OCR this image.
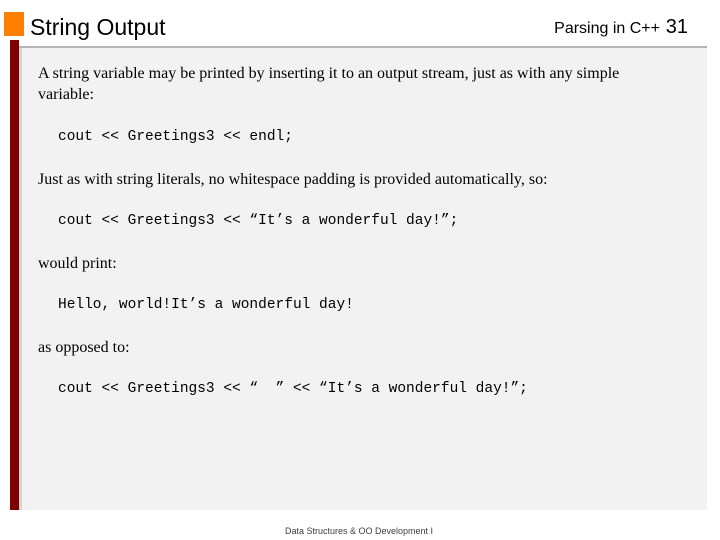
String Output	Parsing in C++ 31
A string variable may be printed by inserting it to an output stream, just as with any simple variable:
cout << Greetings3 << endl;
Just as with string literals, no whitespace padding is provided automatically, so:
cout << Greetings3 << “It’s a wonderful day!”;
would print:
Hello, world!It’s a wonderful day!
as opposed to:
cout << Greetings3 << “  ” << “It’s a wonderful day!”;
Data Structures & OO Development I
